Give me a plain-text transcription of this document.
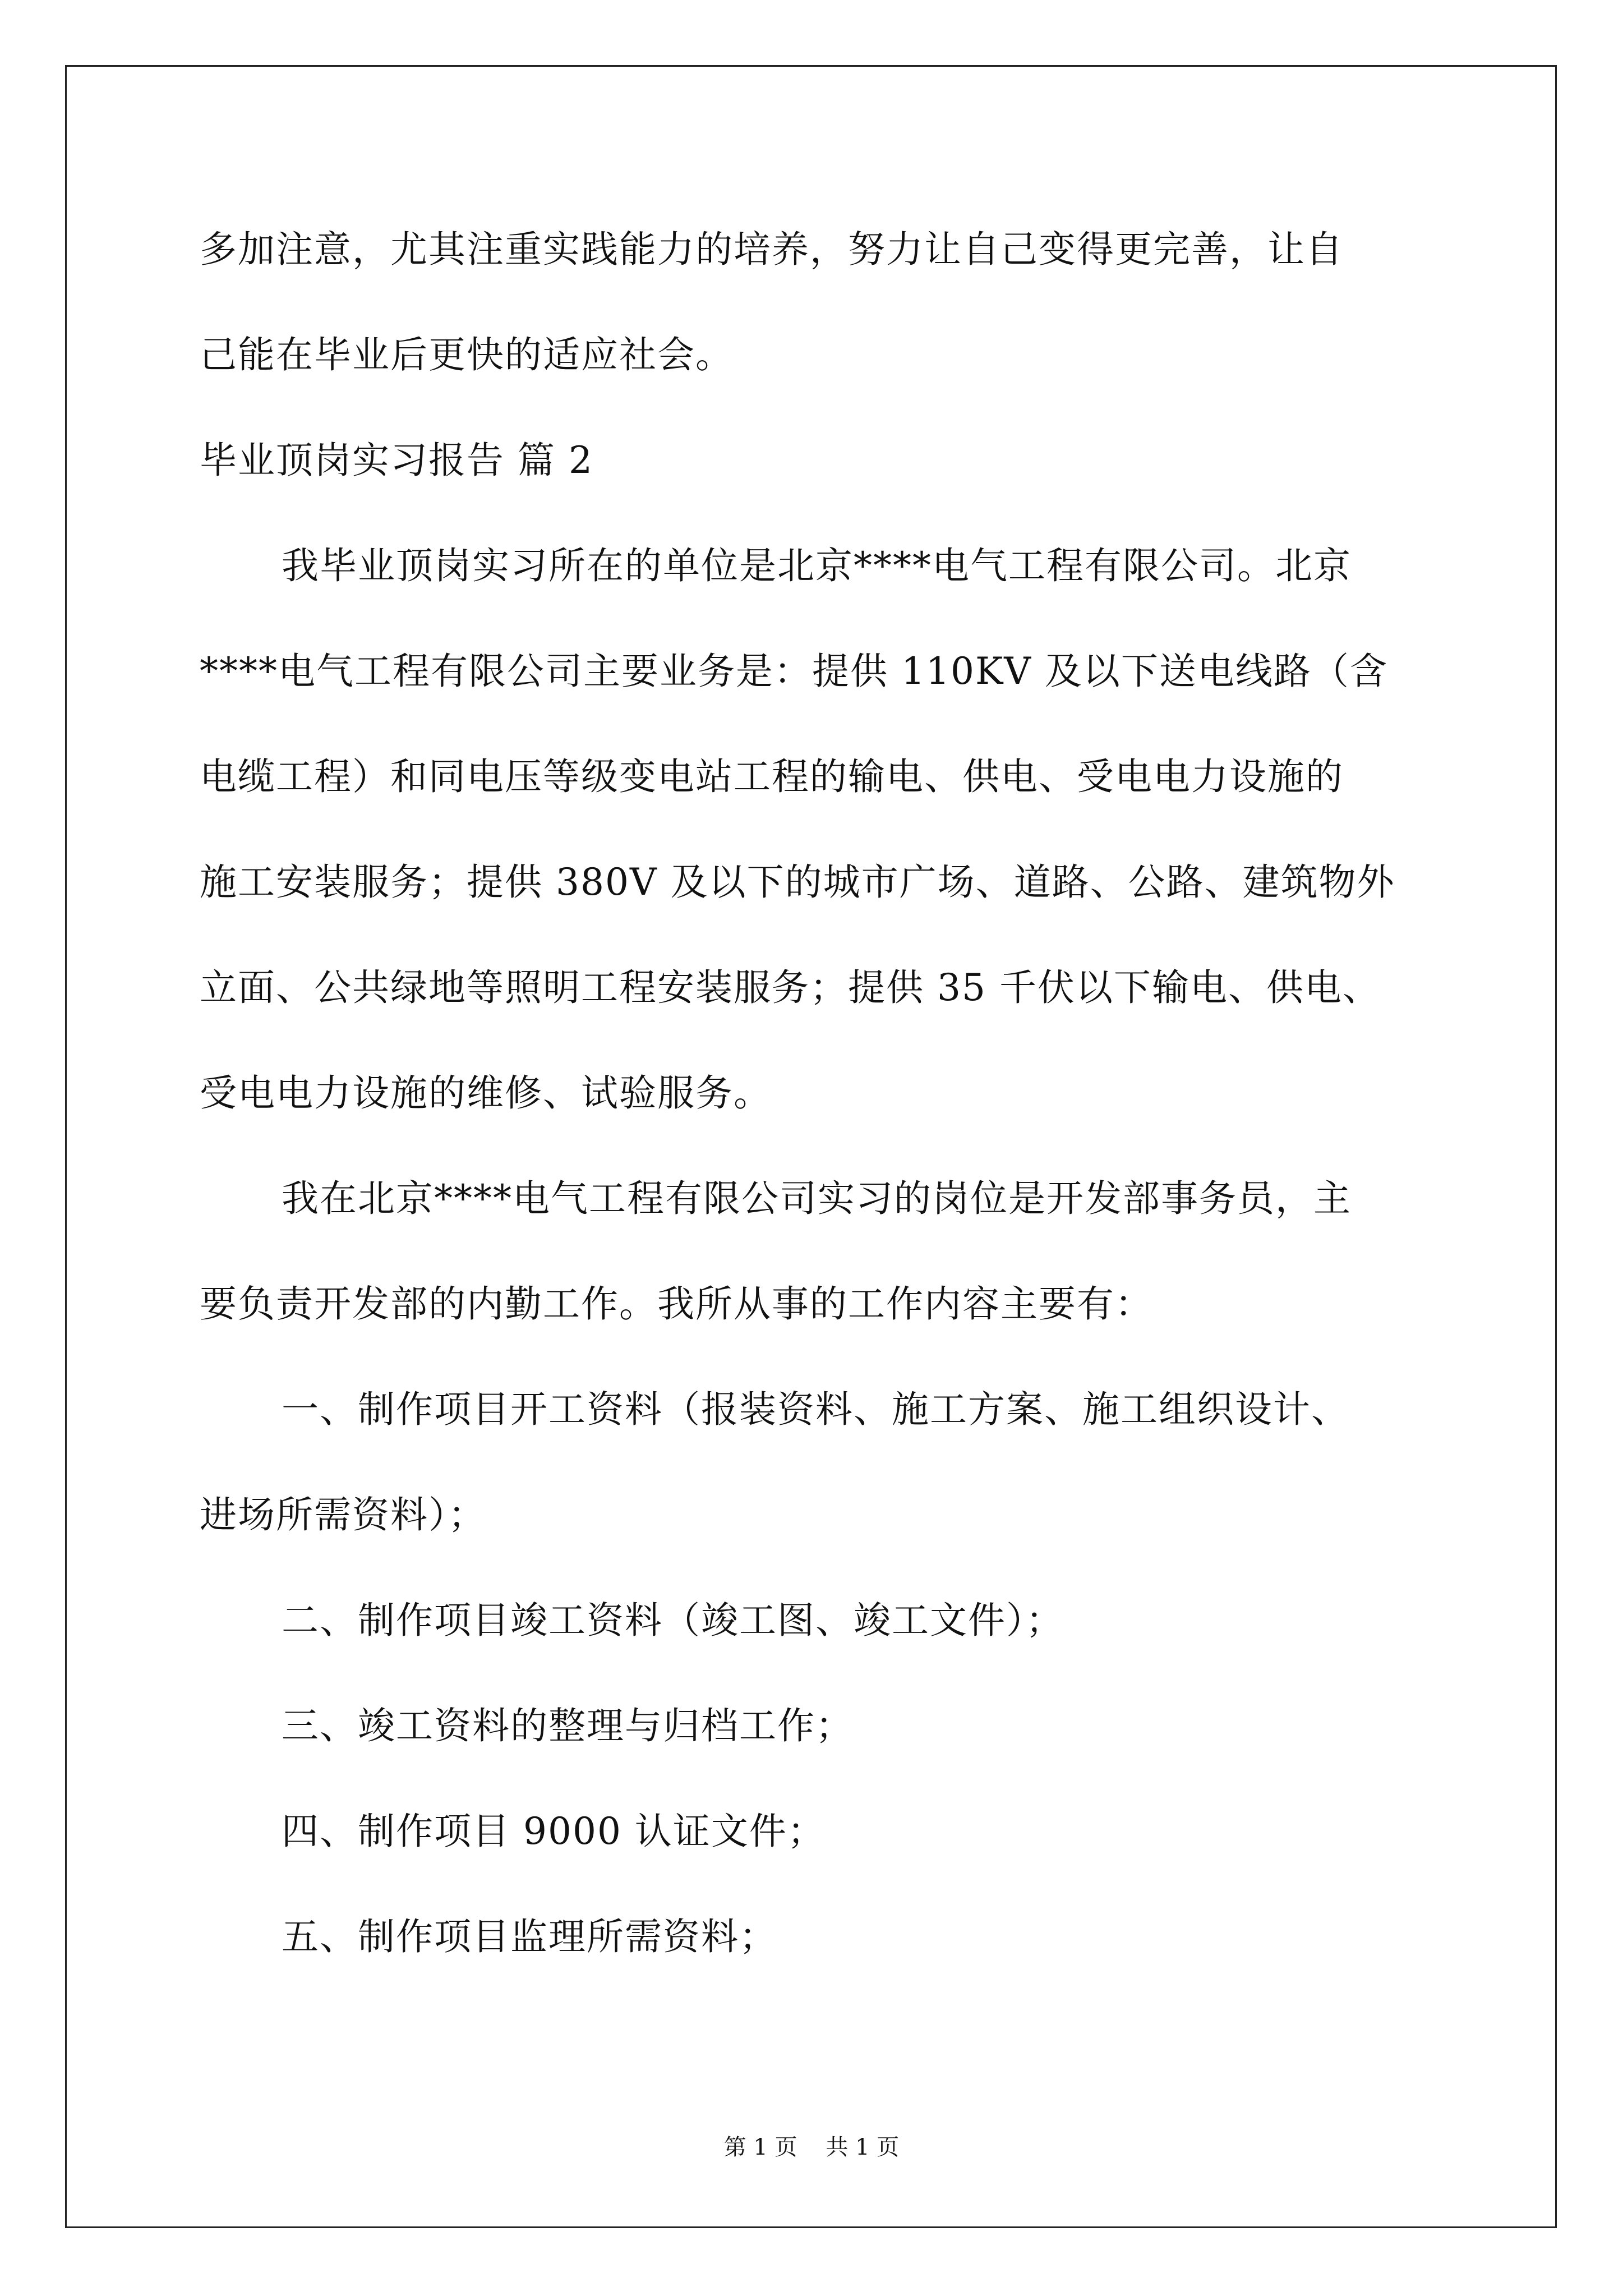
多加注意，尤其注重实践能力的培养，努力让自己变得更完善，让自
己能在毕业后更快的适应社会。
毕业顶岗实习报告 篇 2
我毕业顶岗实习所在的单位是北京****电气工程有限公司。北京
****电气工程有限公司主要业务是：提供 110KV 及以下送电线路（含
电缆工程）和同电压等级变电站工程的输电、供电、受电电力设施的
施工安装服务；提供 380V 及以下的城市广场、道路、公路、建筑物外
立面、公共绿地等照明工程安装服务；提供 35 千伏以下输电、供电、
受电电力设施的维修、试验服务。
我在北京****电气工程有限公司实习的岗位是开发部事务员，主
要负责开发部的内勤工作。我所从事的工作内容主要有：
一、制作项目开工资料（报装资料、施工方案、施工组织设计、
进场所需资料）；
二、制作项目竣工资料（竣工图、竣工文件）；
三、竣工资料的整理与归档工作；
四、制作项目 9000 认证文件；
五、制作项目监理所需资料；
第 1 页    共 1 页
